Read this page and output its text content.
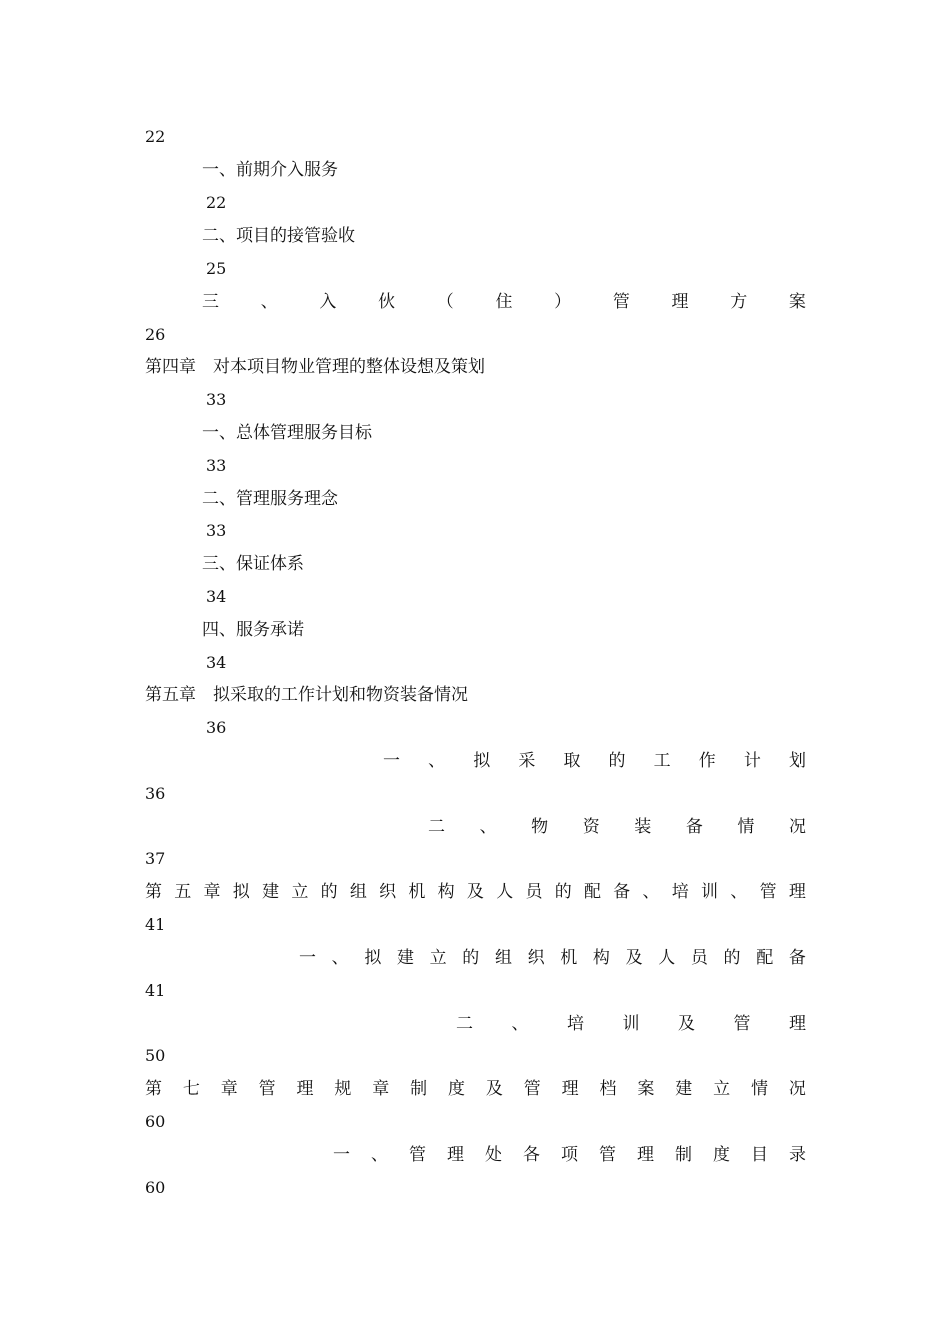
22
一、前期介入服务
22
二、项目的接管验收
25
三 、 入 伙 （ 住 ） 管 理 方 案
26
第四章　对本项目物业管理的整体设想及策划
33
一、总体管理服务目标
33
二、管理服务理念
33
三、保证体系
34
四、服务承诺
34
第五章　拟采取的工作计划和物资装备情况
36
一 、 拟 采 取 的 工 作 计 划
36
二 、 物 资 装 备 情 况
37
第 五 章 拟 建 立 的 组 织 机 构 及 人 员 的 配 备 、 培 训 、 管 理
41
一 、 拟 建 立 的 组 织 机 构 及 人 员 的 配 备
41
二 、 培 训 及 管 理
50
第 七 章 管 理 规 章 制 度 及 管 理 档 案 建 立 情 况
60
一 、 管 理 处 各 项 管 理 制 度 目 录
60
